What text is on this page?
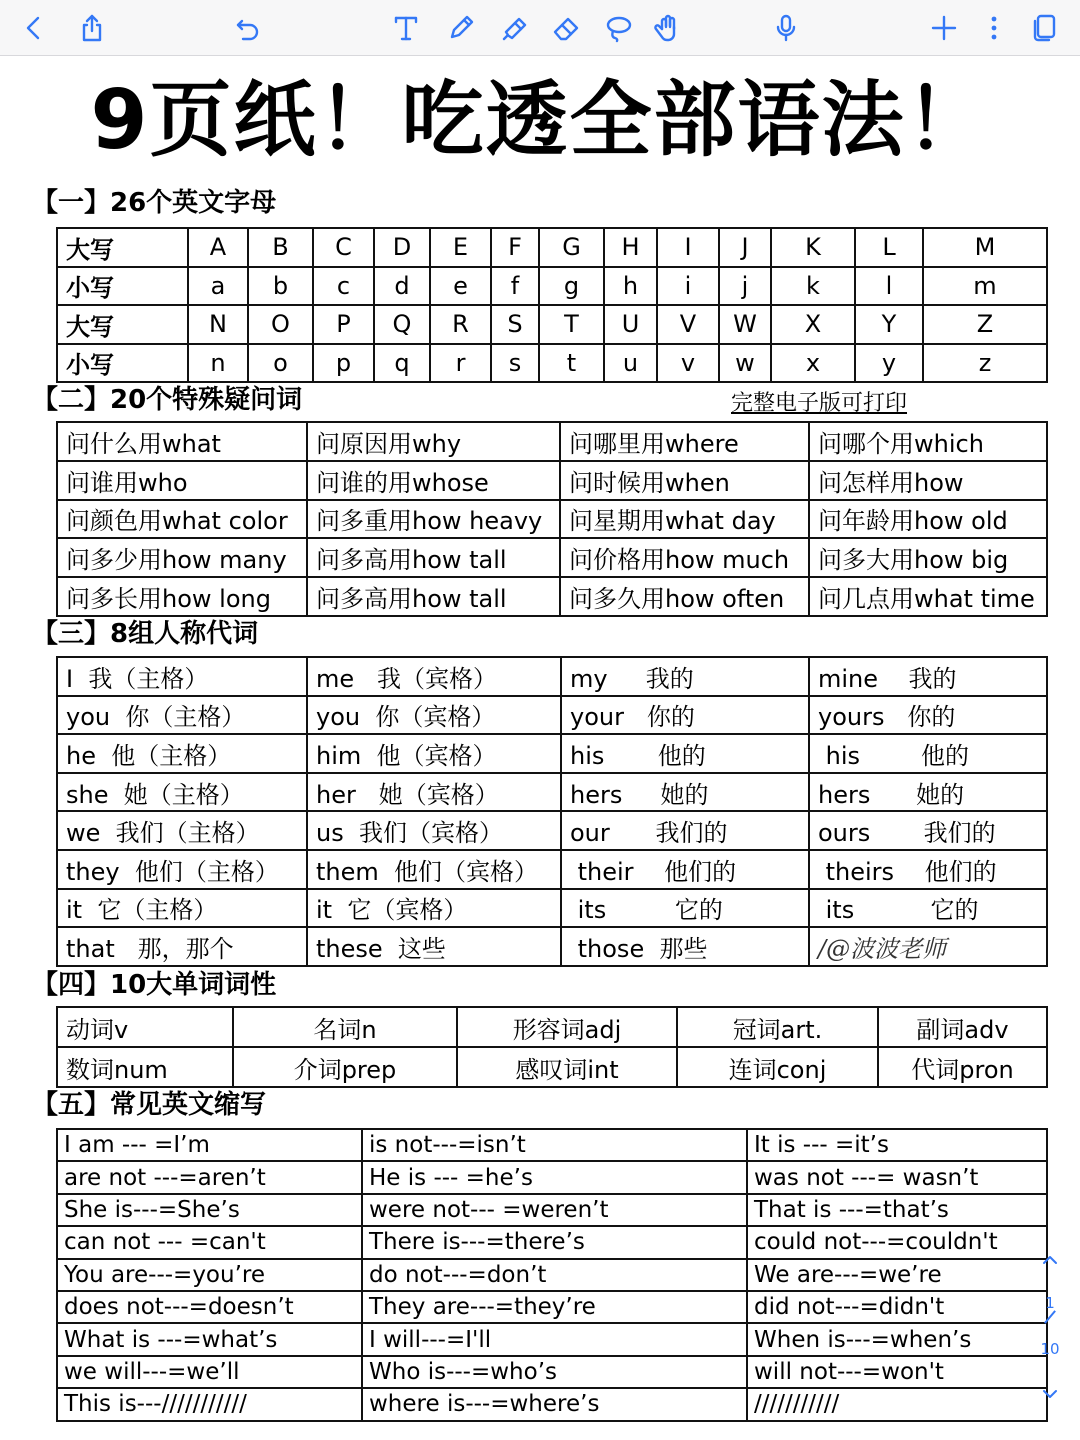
9页纸！吃透全部语法！
【一】26个英文字母
大写	A	B	C	D	E	F	G	H	I	J	K	L	M
小写	a	b	c	d	e	f	g	h	i	j	k	l	m
大写	N	O	P	Q	R	S	T	U	V	W	X	Y	Z
小写	n	o	p	q	r	s	t	u	v	w	x	y	z
【二】20个特殊疑问词	完整电子版可打印
问什么用what	问原因用why	问哪里用where	问哪个用which
问谁用who	问谁的用whose	问时候用when	问怎样用how
问颜色用what color	问多重用how heavy	问星期用what day	问年龄用how old
问多少用how many	问多高用how tall	问价格用how much	问多大用how big
问多长用how long	问多高用how tall	问多久用how often	问几点用what time
【三】8组人称代词
I  我（主格）	me   我（宾格）	my     我的	mine    我的
you  你（主格）	you  你（宾格）	your   你的	yours   你的
he  他（主格）	him  他（宾格）	his       他的	his        他的
she  她（主格）	her   她（宾格）	hers     她的	hers      她的
we  我们（主格）	us  我们（宾格）	our      我们的	ours       我们的
they  他们（主格）	them  他们（宾格）	their    他们的	theirs    他们的
it  它（主格）	it  它（宾格）	its         它的	its          它的
that   那，那个	these  这些	those  那些	/@波波老师
【四】10大单词词性
动词v	名词n	形容词adj	冠词art.	副词adv
数词num	介词prep	感叹词int	连词conj	代词pron
【五】常见英文缩写
I am --- =I’m	is not---=isn’t	It is --- =it’s
are not ---=aren’t	He is --- =he’s	was not ---= wasn’t
She is---=She’s	were not--- =weren’t	That is ---=that’s
can not --- =can't	There is---=there’s	could not---=couldn't
You are---=you’re	do not---=don’t	We are---=we’re
does not---=doesn’t	They are---=they’re	did not---=didn't
What is ---=what’s	I will---=I'll	When is---=when’s
we will---=we’ll	Who is---=who’s	will not---=won't
This is---///////////	where is---=where’s	///////////
1
10
